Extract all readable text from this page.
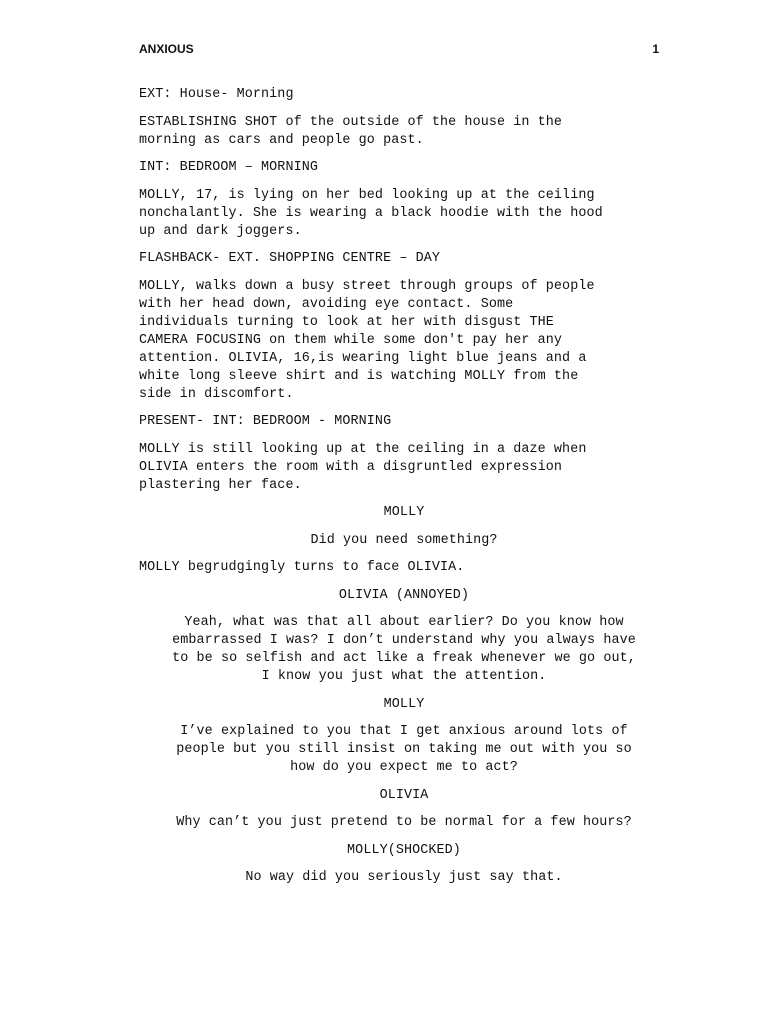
ANXIOUS	1

EXT: House- Morning

ESTABLISHING SHOT of the outside of the house in the
morning as cars and people go past.

INT: BEDROOM – MORNING

MOLLY, 17, is lying on her bed looking up at the ceiling
nonchalantly. She is wearing a black hoodie with the hood
up and dark joggers.

FLASHBACK- EXT. SHOPPING CENTRE – DAY

MOLLY, walks down a busy street through groups of people
with her head down, avoiding eye contact. Some
individuals turning to look at her with disgust THE
CAMERA FOCUSING on them while some don't pay her any
attention. OLIVIA, 16,is wearing light blue jeans and a
white long sleeve shirt and is watching MOLLY from the
side in discomfort.

PRESENT- INT: BEDROOM - MORNING

MOLLY is still looking up at the ceiling in a daze when
OLIVIA enters the room with a disgruntled expression
plastering her face.

MOLLY

Did you need something?

MOLLY begrudgingly turns to face OLIVIA.

OLIVIA (ANNOYED)

Yeah, what was that all about earlier? Do you know how
embarrassed I was? I don’t understand why you always have
to be so selfish and act like a freak whenever we go out,
I know you just what the attention.

MOLLY

I’ve explained to you that I get anxious around lots of
people but you still insist on taking me out with you so
how do you expect me to act?

OLIVIA

Why can’t you just pretend to be normal for a few hours?

MOLLY(SHOCKED)

No way did you seriously just say that.
